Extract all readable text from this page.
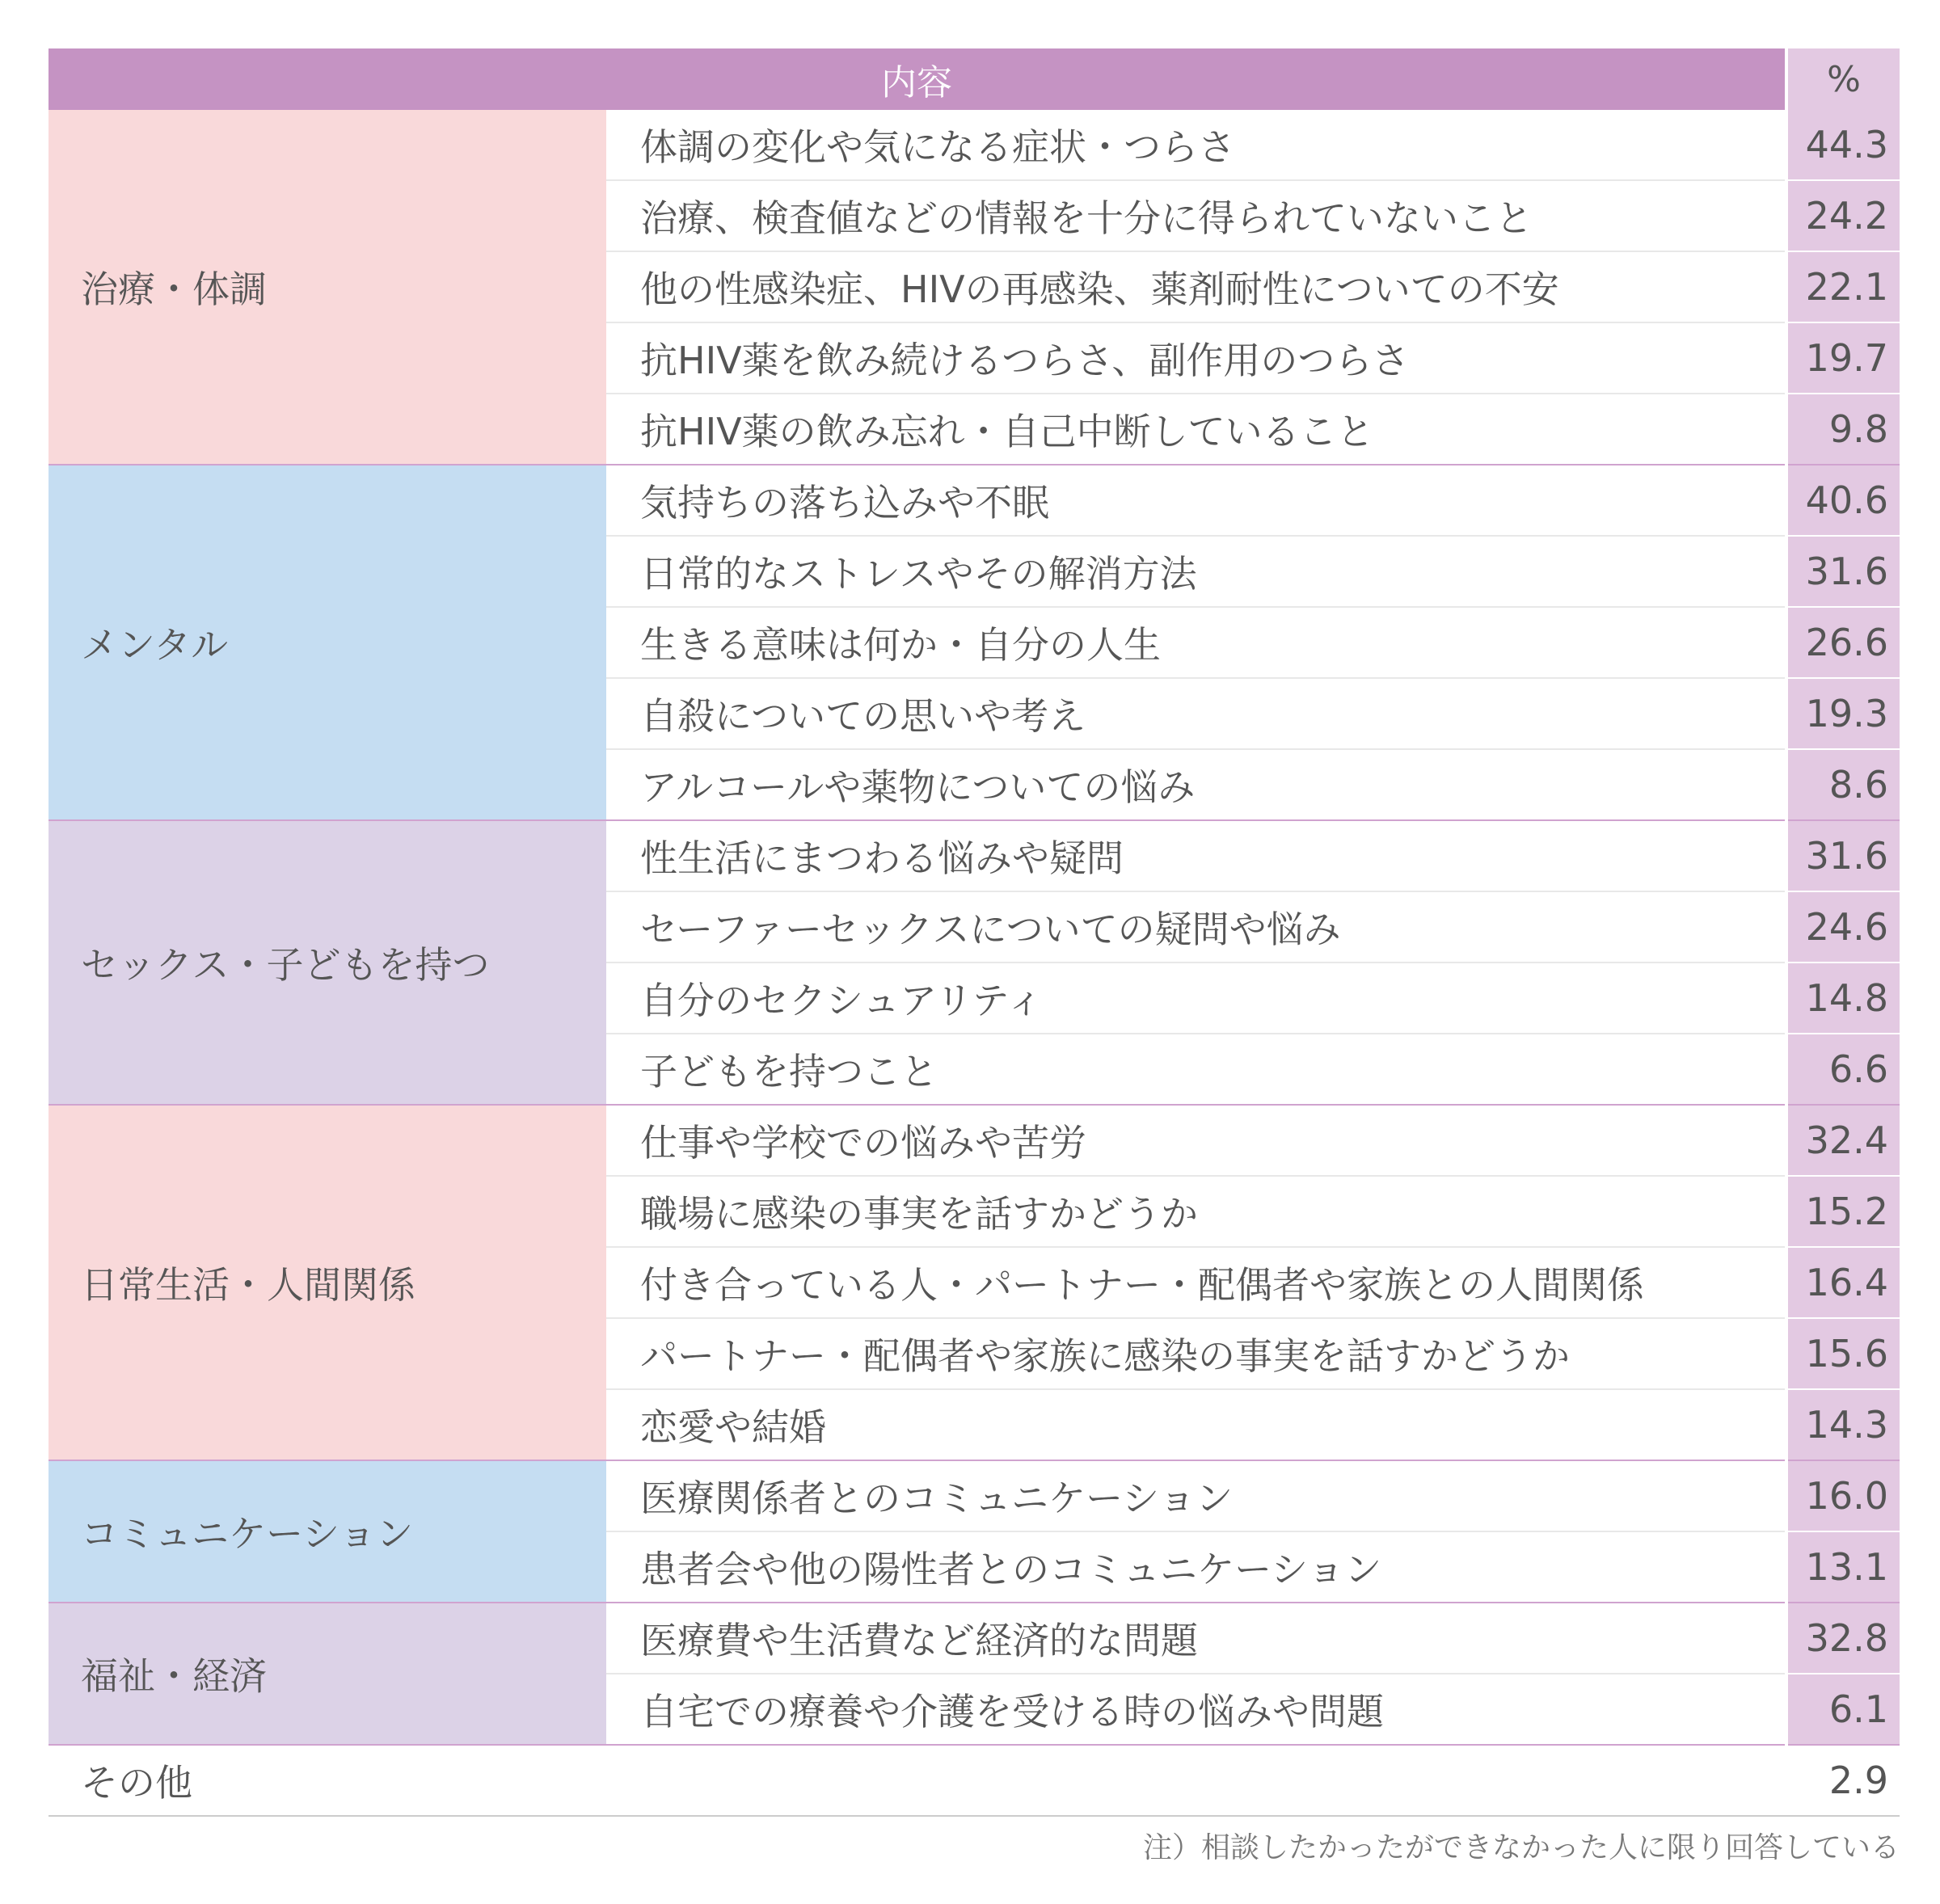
内容		%
治療・体調	体調の変化や気になる症状・つらさ	44.3
	治療、検査値などの情報を十分に得られていないこと	24.2
	他の性感染症、HIVの再感染、薬剤耐性についての不安	22.1
	抗HIV薬を飲み続けるつらさ、副作用のつらさ	19.7
	抗HIV薬の飲み忘れ・自己中断していること	9.8
メンタル	気持ちの落ち込みや不眠	40.6
	日常的なストレスやその解消方法	31.6
	生きる意味は何か・自分の人生	26.6
	自殺についての思いや考え	19.3
	アルコールや薬物についての悩み	8.6
セックス・子どもを持つ	性生活にまつわる悩みや疑問	31.6
	セーファーセックスについての疑問や悩み	24.6
	自分のセクシュアリティ	14.8
	子どもを持つこと	6.6
日常生活・人間関係	仕事や学校での悩みや苦労	32.4
	職場に感染の事実を話すかどうか	15.2
	付き合っている人・パートナー・配偶者や家族との人間関係	16.4
	パートナー・配偶者や家族に感染の事実を話すかどうか	15.6
	恋愛や結婚	14.3
コミュニケーション	医療関係者とのコミュニケーション	16.0
	患者会や他の陽性者とのコミュニケーション	13.1
福祉・経済	医療費や生活費など経済的な問題	32.8
	自宅での療養や介護を受ける時の悩みや問題	6.1
その他		2.9
注）相談したかったができなかった人に限り回答している
